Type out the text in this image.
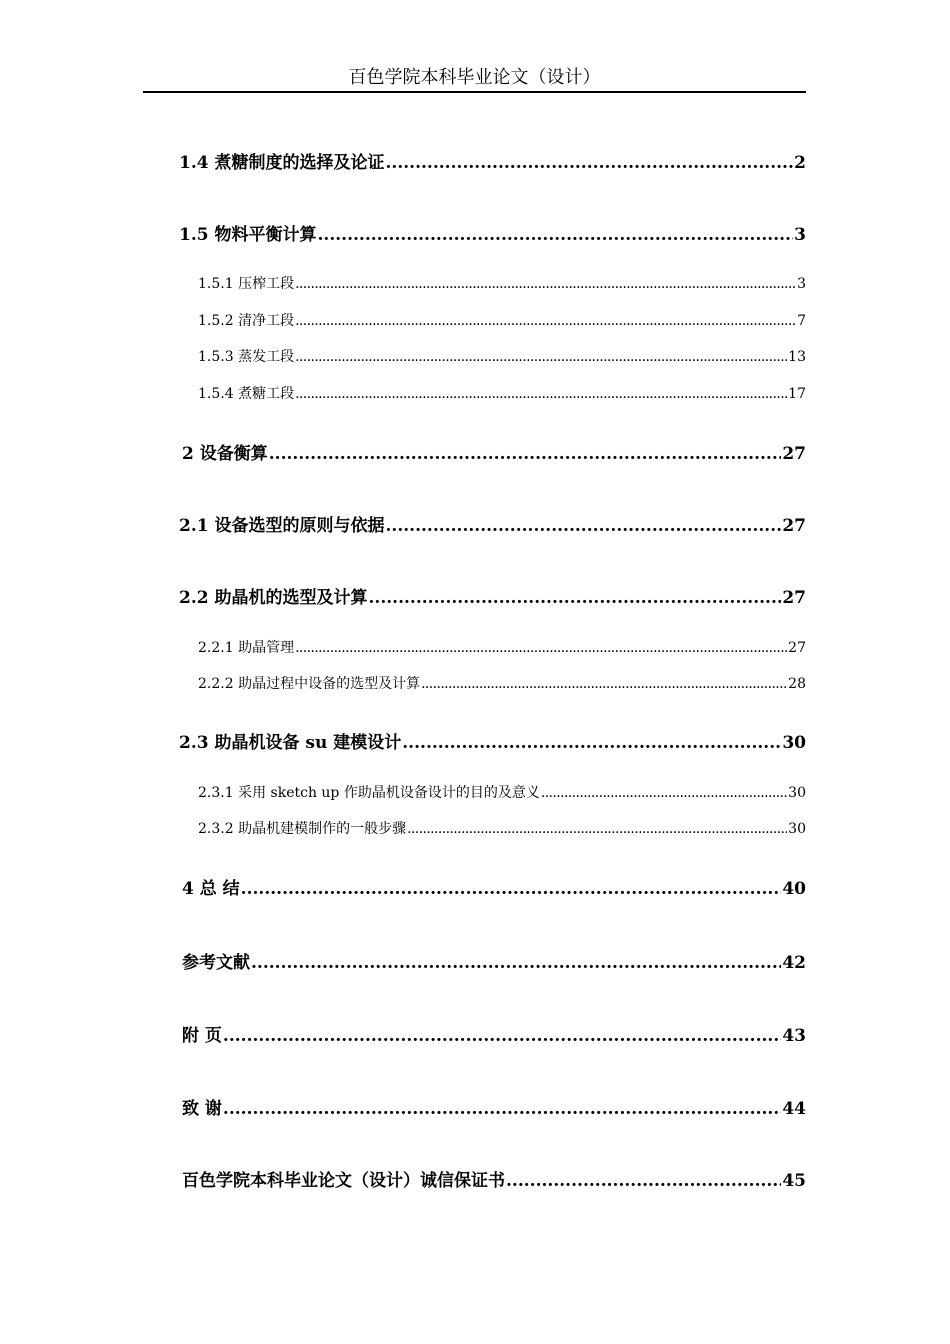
百色学院本科毕业论文（设计）
1.4 煮糖制度的选择及论证 .....	2
1.5 物料平衡计算 .....	3
1.5.1 压榨工段 .....	3
1.5.2 清净工段 .....	7
1.5.3 蒸发工段 .....	13
1.5.4 煮糖工段 .....	17
2 设备衡算 .....	27
2.1 设备选型的原则与依据 .....	27
2.2 助晶机的选型及计算 .....	27
2.2.1 助晶管理 .....	27
2.2.2 助晶过程中设备的选型及计算 .....	28
2.3 助晶机设备 su 建模设计 .....	30
2.3.1 采用 sketch up 作助晶机设备设计的目的及意义 .....	30
2.3.2 助晶机建模制作的一般步骤 .....	30
4 总 结 .....	40
参考文献 .....	42
附 页 .....	43
致 谢 .....	44
百色学院本科毕业论文（设计）诚信保证书 .....	45
